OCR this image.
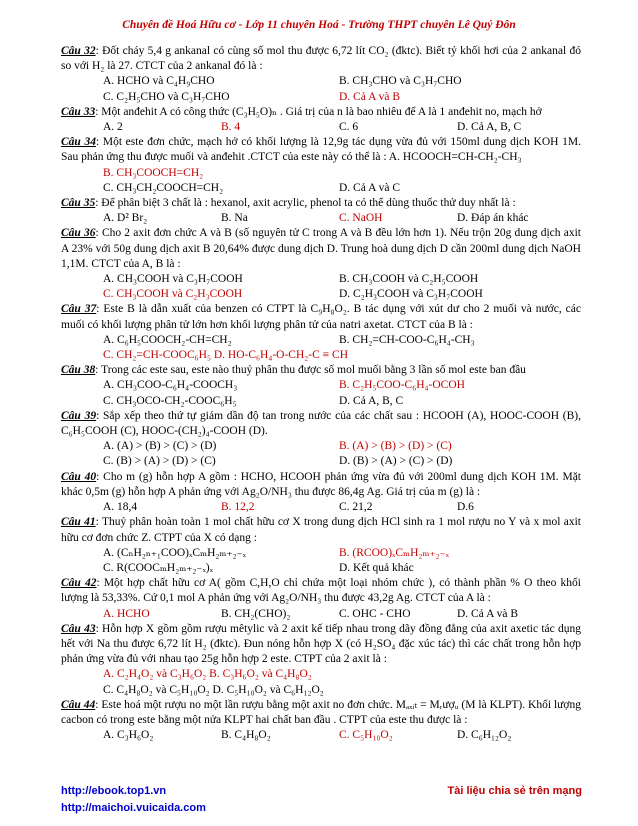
Chuyên đề Hoá Hữu cơ - Lớp 11 chuyên Hoá - Trường THPT chuyên Lê Quý Đôn

Câu 32: Đốt cháy 5,4 g ankanal có cùng số mol thu được 6,72 lít CO₂ (đktc). Biết tỷ khối hơi của 2 ankanal đó so với H₂ là 27. CTCT của 2 ankanal đó là :

A. HCHO và C₄H₉CHO	B. CH₃CHO và C₃H₇CHO
C. C₂H₅CHO và C₃H₇CHO	D. Cả A và B

Câu 33: Một anđehit A có công thức (C₃H₅O)ₙ . Giá trị của n là bao nhiêu để A là 1 anđehit no, mạch hở

A. 2	B. 4	C. 6	D. Cả A, B, C

Câu 34: Một este đơn chức, mạch hở có khối lượng là 12,9g tác dụng vừa đủ với 150ml dung dịch KOH 1M. Sau phản ứng thu được muối và anđehit .CTCT của este này có thể là : A. HCOOCH=CH-CH₂-CH₃

B. CH₃COOCH=CH₂
C. CH₃CH₂COOCH=CH₂	D. Cả A và C

Câu 35: Để phân biệt 3 chất là : hexanol, axit acrylic, phenol ta có thể dùng thuốc thử duy nhất là :

A. D² Br₂	B. Na	C. NaOH	D. Đáp án khác

Câu 36: Cho 2 axit đơn chức A và B (số nguyên tử C trong A và B đều lớn hơn 1). Nếu trộn 20g dung dịch axit A 23% với 50g dung dịch axit B 20,64% được dung dịch D. Trung hoà dung dịch D cần 200ml dung dịch NaOH 1,1M. CTCT của A, B là :

A. CH₃COOH và C₃H₇COOH	B. CH₃COOH và C₂H₅COOH
C. CH₃COOH và C₂H₃COOH	D. C₂H₃COOH và C₃H₇COOH

Câu 37: Este B là dẫn xuất của benzen có CTPT là C₉H₈O₂. B tác dụng với xút dư cho 2 muối và nước, các muối có khối lượng phân tử lớn hơn khối lượng phân tử của natri axetat. CTCT của B là :

A. C₆H₅COOCH₂-CH=CH₂	B. CH₂=CH-COO-C₆H₄-CH₃
C. CH₂=CH-COOC₆H₅ D. HO-C₆H₄-O-CH₂-C ≡ CH

Câu 38: Trong các este sau, este nào thuỷ phân thu được số mol muối bằng 3 lần số mol este ban đầu

A. CH₃COO-C₆H₄-COOCH₃	B. C₂H₅COO-C₆H₄-OCOH
C. CH₃OCO-CH₂-COOC₆H₅	D. Cả A, B, C

Câu 39: Sắp xếp theo thứ tự giảm dần độ tan trong nước của các chất sau : HCOOH (A), HOOC-COOH (B), C₆H₅COOH (C), HOOC-(CH₂)₄-COOH (D).

A. (A) > (B) > (C) > (D)	B. (A) > (B) > (D) > (C)
C. (B) > (A) > (D) > (C)	D. (B) > (A) > (C) > (D)

Câu 40: Cho m (g) hỗn hợp A gồm : HCHO, HCOOH phản ứng vừa đủ với 200ml dung dịch KOH 1M. Mặt khác 0,5m (g) hỗn hợp A phản ứng với Ag₂O/NH₃ thu được 86,4g Ag. Giá trị của m (g) là :

A. 18,4	B. 12,2	C. 21,2	D.6

Câu 41: Thuỷ phân hoàn toàn 1 mol chất hữu cơ X trong dung dịch HCl sinh ra 1 mol rượu no Y và x mol axit hữu cơ đơn chức Z. CTPT của X có dạng :

A. (CₙH₂ₙ₊₁COO)ₓCₘH₂ₘ₊₂₋ₓ	B. (RCOO)ₓCₘH₂ₘ₊₂₋ₓ
C. R(COOCₘH₂ₘ₊₂₋ₓ)ₓ	D. Kết quả khác

Câu 42: Một hợp chất hữu cơ A( gồm C,H,O chỉ chứa một loại nhóm chức ), có thành phần % O theo khối lượng là 53,33%. Cứ 0,1 mol A phản ứng với Ag₂O/NH₃ thu được 43,2g Ag. CTCT của A là :

A. HCHO	B. CH₂(CHO)₂	C. OHC - CHO	D. Cả A và B

Câu 43: Hỗn hợp X gồm gồm rượu mêtylic và 2 axit kế tiếp nhau trong dãy đồng đẳng của axit axetic tác dụng hết với Na thu được 6,72 lít H₂ (đktc). Đun nóng hỗn hợp X (có H₂SO₄ đặc xúc tác) thì các chất trong hỗn hợp phản ứng vừa đủ với nhau tạo 25g hỗn hợp 2 este. CTPT của 2 axit là :

A. C₂H₄O₂ và C₃H₆O₂ B. C₃H₆O₂ và C₄H₈O₂
C. C₄H₈O₂ và C₅H₁₀O₂ D. C₅H₁₀O₂ và C₆H₁₂O₂

Câu 44: Este hoá một rượu no một lần rượu bằng một axit no đơn chức. Mₐₓᵢₜ = Mᵣượᵤ (M là KLPT). Khối lượng cacbon có trong este bằng một nửa KLPT hai chất ban đầu . CTPT của este thu được là :

A. C₃H₆O₂	B. C₄H₈O₂	C. C₅H₁₀O₂	D. C₆H₁₂O₂
http://ebook.top1.vn
http://maichoi.vuicaida.com
Tài liệu chia sẻ trên mạng
